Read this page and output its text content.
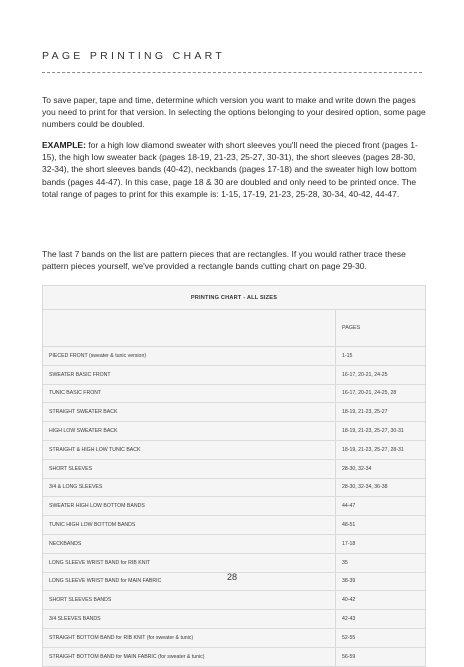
PAGE PRINTING CHART

To save paper, tape and time, determine which version you want to make and write down the pages you need to print for that version. In selecting the options belonging to your desired option, some page numbers could be doubled.

EXAMPLE: for a high low diamond sweater with short sleeves you'll need the pieced front (pages 1-15), the high low sweater back (pages 18-19, 21-23, 25-27, 30-31), the short sleeves (pages 28-30, 32-34), the short sleeves bands (40-42), neckbands (pages 17-18) and the sweater high low bottom bands (pages 44-47). In this case, page 18 & 30 are doubled and only need to be printed once. The total range of pages to print for this example is: 1-15, 17-19, 21-23, 25-28, 30-34, 40-42, 44-47.

The last 7 bands on the list are pattern pieces that are rectangles. If you would rather trace these pattern pieces yourself, we've provided a rectangle bands cutting chart on page 29-30.

PRINTING CHART - ALL SIZES
PAGES
PIECED FRONT (sweater & tunic version)	1-15
SWEATER BASIC FRONT	16-17, 20-21, 24-25
TUNIC BASIC FRONT	16-17, 20-21, 24-25, 28
STRAIGHT SWEATER BACK	18-19, 21-23, 25-27
HIGH LOW SWEATER BACK	18-19, 21-23, 25-27, 30-31
STRAIGHT & HIGH LOW TUNIC BACK	18-19, 21-23, 25-27, 28-31
SHORT SLEEVES	28-30, 32-34
3/4 & LONG SLEEVES	28-30, 32-34, 36-38
SWEATER HIGH LOW BOTTOM BANDS	44-47
TUNIC HIGH LOW BOTTOM BANDS	48-51
NECKBANDS	17-18
LONG SLEEVE WRIST BAND for RIB KNIT	35
LONG SLEEVE WRIST BAND for MAIN FABRIC	38-39
SHORT SLEEVES BANDS	40-42
3/4 SLEEVES BANDS	42-43
STRAIGHT BOTTOM BAND for RIB KNIT (for sweater & tunic)	52-55
STRAIGHT BOTTOM BAND for MAIN FABRIC (for sweater & tunic)	56-59
28
